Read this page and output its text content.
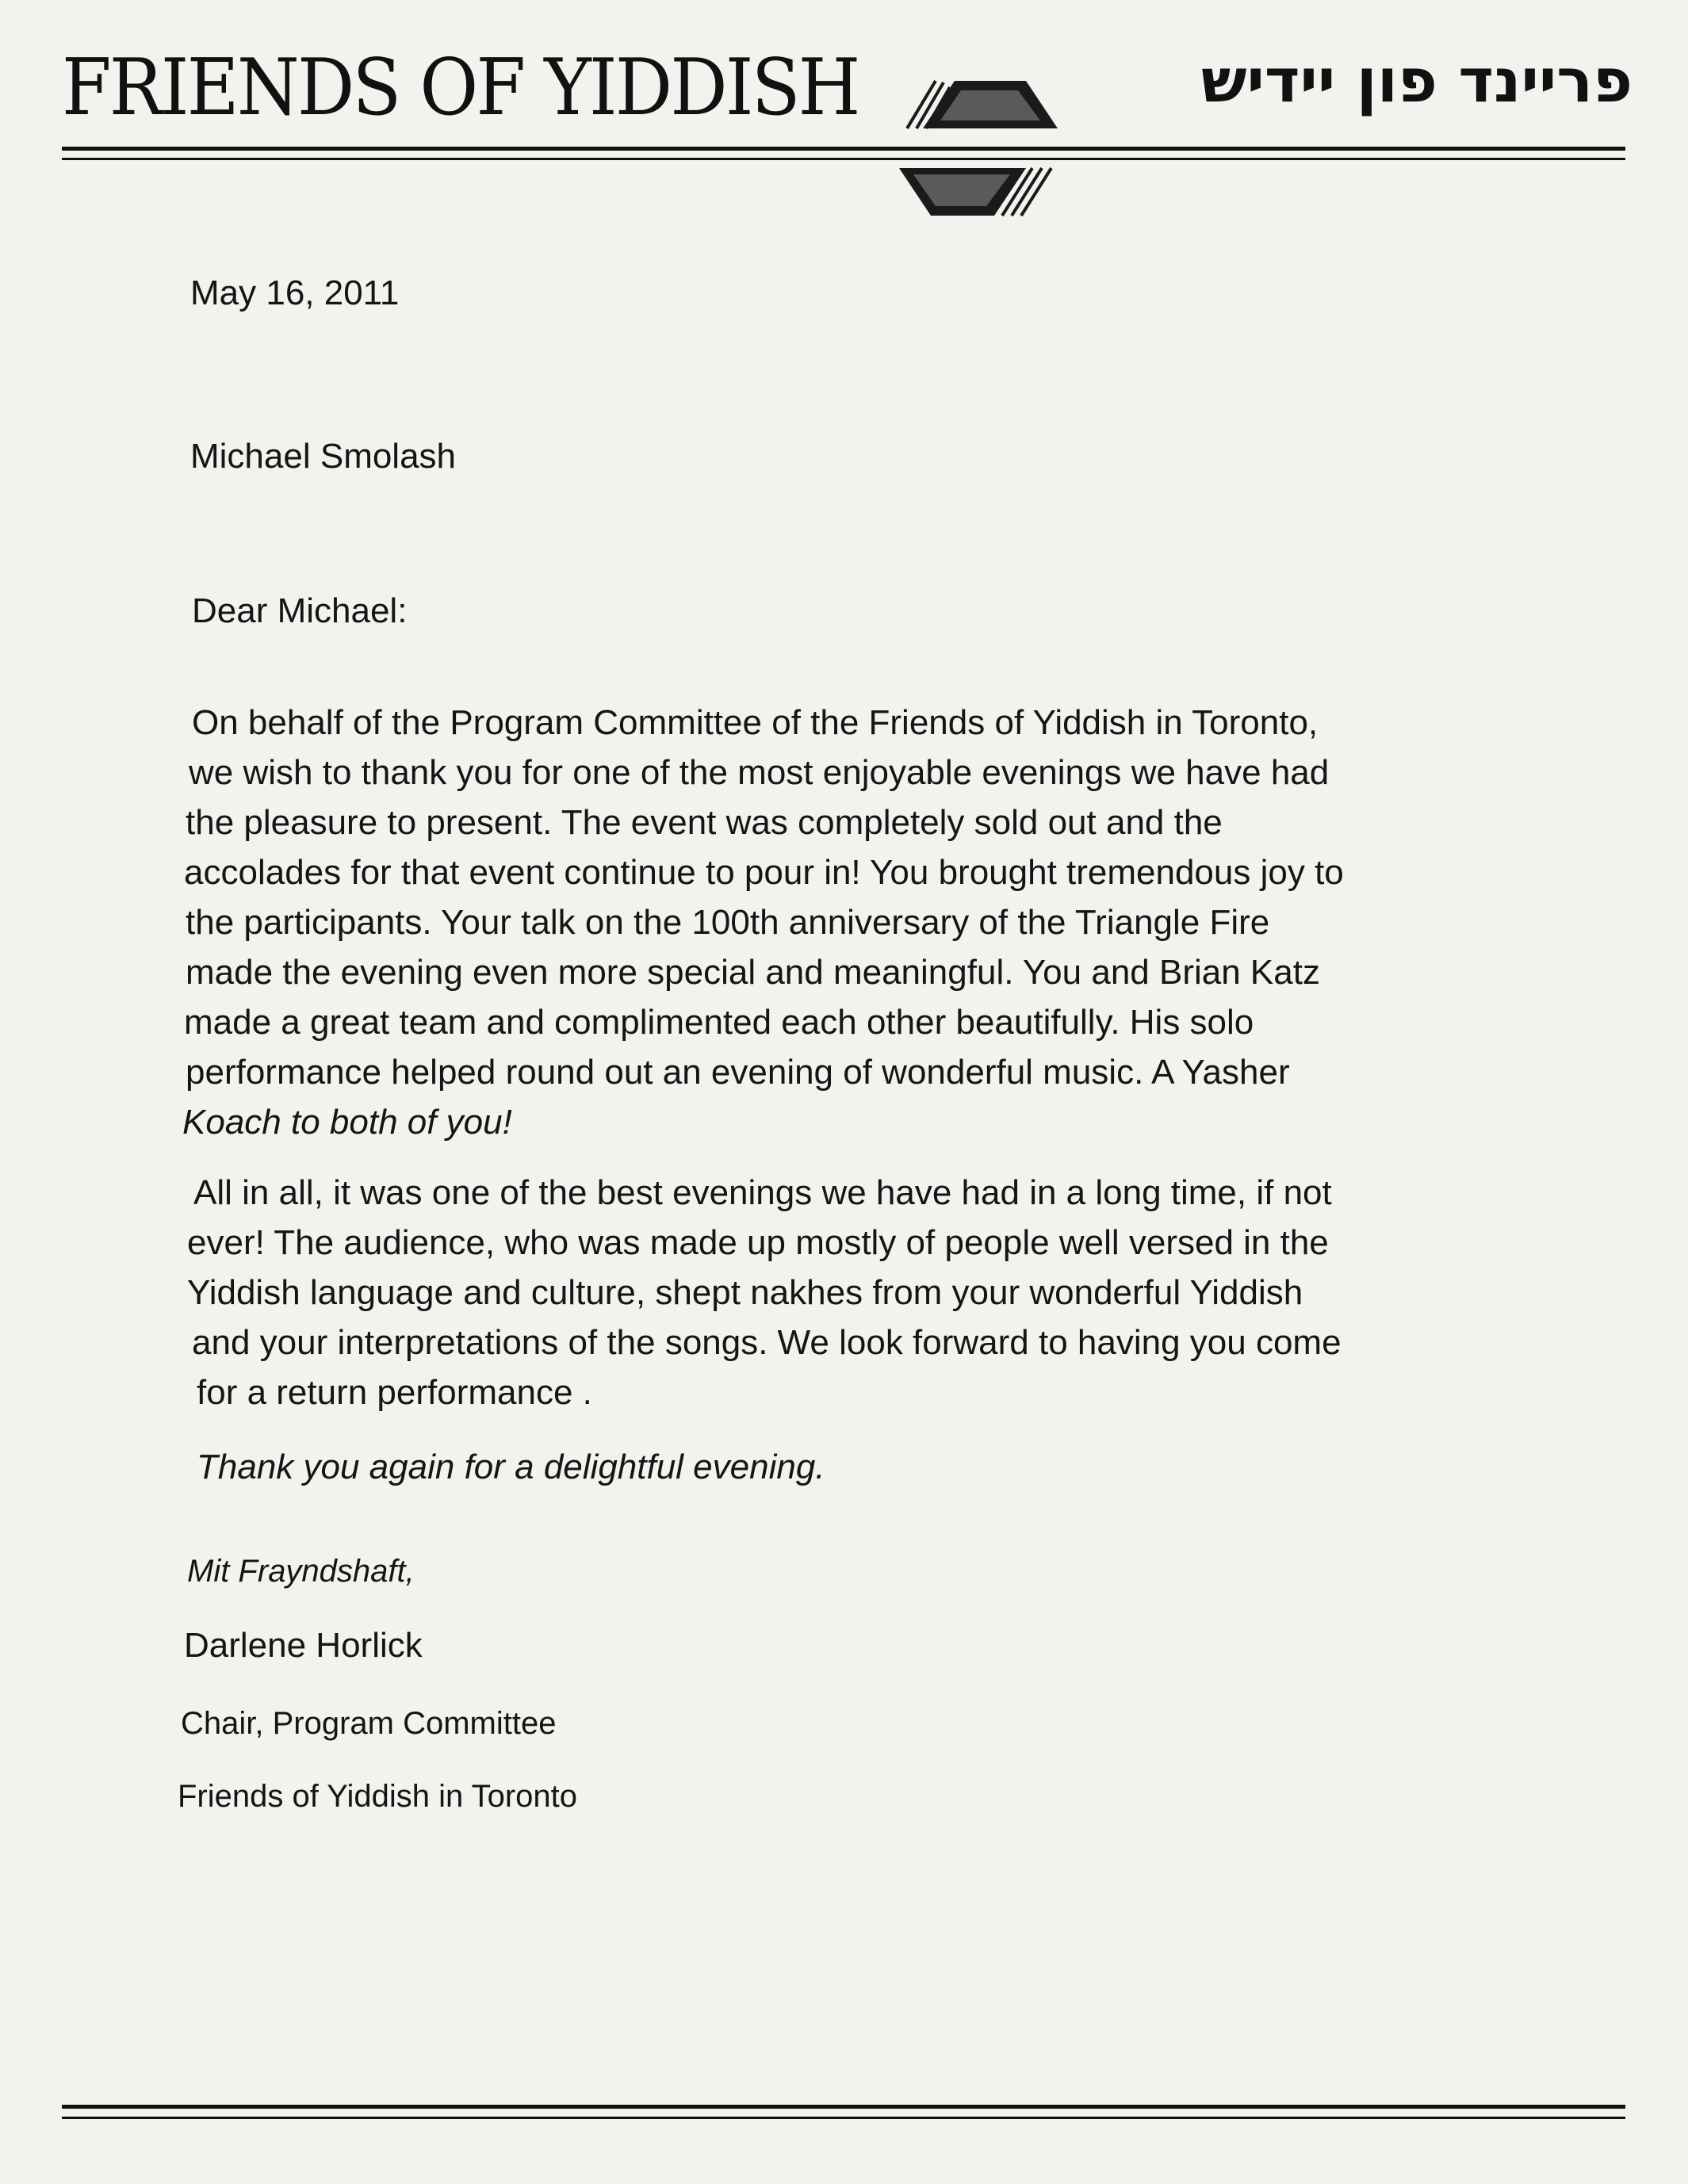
FRIENDS OF YIDDISH	פריינד פון יידיש
May 16, 2011
Michael Smolash
Dear Michael:
On behalf of the Program Committee of the Friends of Yiddish in Toronto,
we wish to thank you for one of the most enjoyable evenings we have had
the pleasure to present. The event was completely sold out and the
accolades for that event continue to pour in! You brought tremendous joy to
the participants. Your talk on the 100th anniversary of the Triangle Fire
made the evening even more special and meaningful. You and Brian Katz
made a great team and complimented each other beautifully. His solo
performance helped round out an evening of wonderful music. A Yasher
Koach to both of you!
All in all, it was one of the best evenings we have had in a long time, if not
ever! The audience, who was made up mostly of people well versed in the
Yiddish language and culture, shept nakhes from your wonderful Yiddish
and your interpretations of the songs. We look forward to having you come
for a return performance .
Thank you again for a delightful evening.
Mit Frayndshaft,
Darlene Horlick
Chair, Program Committee
Friends of Yiddish in Toronto
